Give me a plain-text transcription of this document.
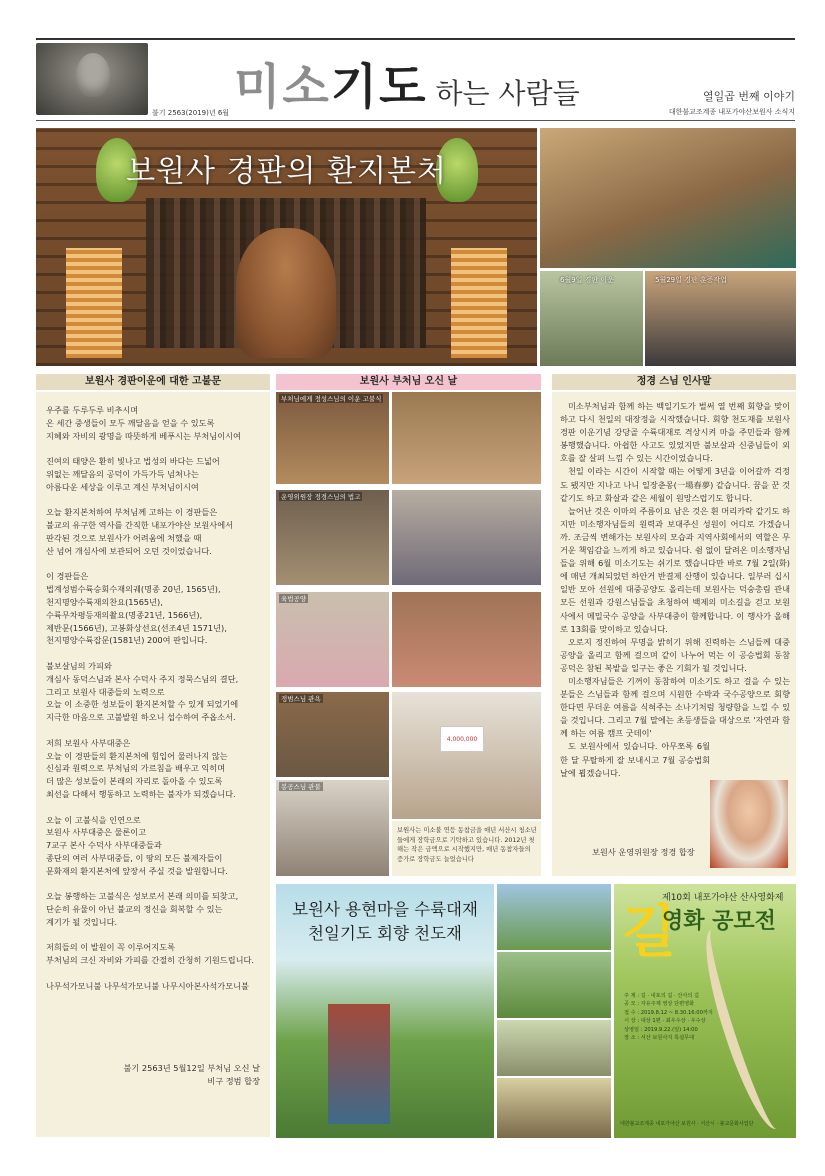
불기 2563(2019)년 6월 미소기도 하는 사람들	열일곱 번째 이야기
대한불교조계종 내포가야산보원사 소식지
보원사 경판의 환지본처
6월9일 경판 이운	5월29일 경판 훈증작업
보원사 경판이운에 대한 고불문	보원사 부처님 오신 날	정경 스님 인사말

우주를 두루두루 비추시며
온 세간 중생들이 모두 깨달음을 얻을 수 있도록
지혜와 자비의 광명을 따뜻하게 베푸시는 부처님이시여

진여의 태양은 환히 빛나고 법성의 바다는 드넓어
위없는 깨달음의 공덕이 가득가득 넘쳐나는
아름다운 세상을 이루고 계신 부처님이시여

오늘 환지본처하여 부처님께 고하는 이 경판들은
불교의 유구한 역사를 간직한 내포가야산 보원사에서
판각된 것으로 보원사가 어려움에 처했을 때
산 넘어 개심사에 보관되어 오던 것이었습니다.

이 경판들은
법계성범수륙승회수재의궤(명종 20년, 1565년),
천지명양수륙재의찬요(1565년),
수륙무차평등재의촬요(명종21년, 1566년),
제반문(1566년), 고봉화상선요(선조4년 1571년),
천지명양수륙잡문(1581년) 200여 판입니다.

불보살님의 가피와
개심사 동덕스님과 본사 수덕사 주지 정묵스님의 결단,
그리고 보원사 대중들의 노력으로
오늘 이 소중한 성보들이 환지본처할 수 있게 되었기에
지극한 마음으로 고불발원 하오니 섭수하여 주옵소서.

저희 보원사 사부대중은
오늘 이 경판들의 환지본처에 힘입어 물러나지 않는
신심과 원력으로 부처님의 가르침을 배우고 익히며
더 많은 성보들이 본래의 자리로 돌아올 수 있도록
최선을 다해서 행동하고 노력하는 불자가 되겠습니다.

오늘 이 고불식을 인연으로
보원사 사부대중은 물론이고
7교구 본사 수덕사 사부대중들과
종단의 여러 사부대중들, 이 땅의 모든 불제자들이
문화재의 환지본처에 앞장서 주실 것을 발원합니다.

오늘 봉행하는 고불식은 성보로서 본래 의미를 되찾고,
단순히 유물이 아닌 불교의 정신을 회복할 수 있는
계기가 될 것입니다.

저희들의 이 발원이 꼭 이루어지도록
부처님의 크신 자비와 가피를 간절히 간청히 기원드립니다.

나무석가모니불 나무석가모니불 나무시아본사석가모니불

불기 2563년 5월12일 부처님 오신 날
비구 정범 합장
부처님에게 정성스님의 이운 고불식
운영위원장 정경스님의 법고
육법공양
정범스님 관욕
봉공스님 관불
4,000,000
보원사는 미소불 연등 동참금을 매년 서산시 청소년들에게 장학금으로 기탁하고 있습니다. 2012년 첫해는 작은 금액으로 시작했지만, 매년 동참자들의 증가로 장학금도 늘었습니다

미소부처님과 함께 하는 백일기도가 벌써 열 번째 회향을 맞이하고 다시 천일의 대장정을 시작했습니다. 회향 천도재를 보원사 경판 이운기념 강당골 수륙대재로 격상시켜 마을 주민들과 함께 봉행했습니다. 아쉽한 사고도 있었지만 불보살과 신중님들이 외호를 잘 살펴 느낌 수 있는 시간이었습니다.

천일 이라는 시간이 시작할 때는 어떻게 3년을 이어갈까 걱정도 됐지만 지나고 나니 일장춘몽(一場春夢) 같습니다. 꿈을 꾼 것 같기도 하고 화살과 같은 세월이 원망스럽기도 합니다.

늘어난 것은 이마의 주름이요 남은 것은 흰 머리카락 같기도 하지만 미소행자님들의 원력과 보대주신 성원이 어디로 가겠습니까. 조금씩 변해가는 보원사의 모습과 지역사회에서의 역할은 무거운 책임감을 느끼게 하고 있습니다. 쉼 없이 달려온 미소행자님들을 위해 6월 미소기도는 쉬기로 했습니다만 바로 7월 2일(화)에 매년 개최되었던 하안거 반결제 산행이 있습니다. 일부러 십시일반 모아 선원에 대중공양도 올리는데 보원사는 덕숭총림 관내 모든 선원과 강원스님들을 초청하여 백제의 미소길을 걷고 보원사에서 메밀국수 공양을 사부대중이 함께합니다. 이 행사가 올해로 13회를 맞이하고 있습니다.

오로지 정진하여 무명을 밝히기 위해 진력하는 스님들께 대중공양을 올리고 함께 걸으며 같이 나누어 먹는 이 공승법회 동참 공덕은 참된 복밭을 일구는 좋은 기회가 될 것입니다.

미소행자님들은 기꺼이 동참하여 미소기도 하고 걸을 수 있는 분들은 스님들과 함께 걸으며 시원한 수박과 국수공양으로 회향 한다면 무더운 여름을 식혀주는 소나기처럼 청량함을 느낄 수 있을 것입니다. 그리고 7월 말에는 초등생들을 대상으로 '자연과 함께 하는 여름 캠프 굿데이'

도 보원사에서 있습니다. 아무쪼록 6월 한 달 무탈하게 잘 보내시고 7월 공승법회 날에 뵙겠습니다.

보원사 운영위원장 정경 합장
보원사 용현마을 수륙대재
천일기도 회향 천도재	길
제10회 내포가야산 산사영화제
영화 공모전
주 제 : 길 · 내포의 길 · 산사의 길
공 모 : 자유주제 영상 단편영화
접 수 : 2019.8.12 ~ 8.30.16:00까지
시 상 : 대상 1편 · 최우수상 · 우수상
상영일 : 2019.9.22.(일) 14:00
장 소 : 서산 보원사지 특설무대
대한불교조계종 내포가야산 보원사 · 서산시 · 불교문화사업단
